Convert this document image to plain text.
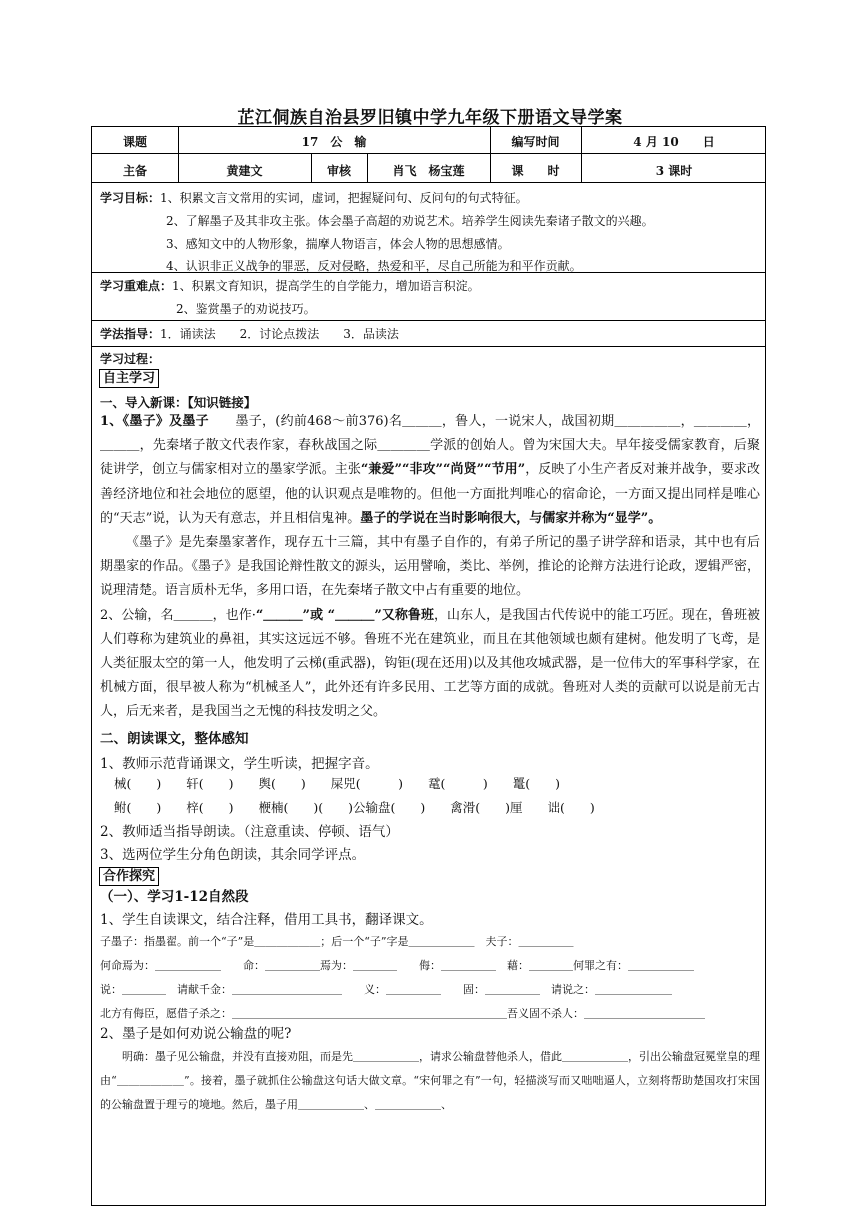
芷江侗族自治县罗旧镇中学九年级下册语文导学案
课题	17　公　输	编写时间	4 月 10　　日
主备	黄建文	审核	肖飞　杨宝莲	课　　时	3 课时
学习目标：1、积累文言文常用的实词，虚词，把握疑问句、反问句的句式特征。
2、了解墨子及其非攻主张。体会墨子高超的劝说艺术。培养学生阅读先秦诸子散文的兴趣。
3、感知文中的人物形象，揣摩人物语言，体会人物的思想感情。
4、认识非正义战争的罪恶，反对侵略，热爱和平，尽自己所能为和平作贡献。
学习重难点：1、积累文育知识，提高学生的自学能力，增加语言积淀。
2、鉴赏墨子的劝说技巧。
学法指导：1．诵读法　　2．讨论点拨法　　3．品读法
学习过程：
自主学习
一、导入新课：【知识链接】

1、《墨子》及墨子　　墨子，(约前468～前376)名＿＿＿，鲁人，一说宋人，战国初期＿＿＿＿＿，＿＿＿＿，＿＿＿，先秦堵子散文代表作家，春秋战国之际＿＿＿＿学派的创始人。曾为宋国大夫。早年接受儒家教育，后聚徒讲学，创立与儒家相对立的墨家学派。主张“兼爱”“非攻”“尚贤”“节用”，反映了小生产者反对兼并战争，要求改善经济地位和社会地位的愿望，他的认识观点是唯物的。但他一方面批判唯心的宿命论，一方面又提出同样是唯心的“天志”说，认为天有意志，并且相信鬼神。墨子的学说在当时影响很大，与儒家并称为“显学”。

《墨子》是先秦墨家著作，现存五十三篇，其中有墨子自作的，有弟子所记的墨子讲学辞和语录，其中也有后期墨家的作品。《墨子》是我国论辩性散文的源头，运用譬喻，类比、举例，推论的论辩方法进行论政，逻辑严密，说理清楚。语言质朴无华，多用口语，在先秦堵子散文中占有重要的地位。

2、公输，名＿＿＿，也作·“＿＿＿”或 “＿＿＿”又称鲁班，山东人，是我国古代传说中的能工巧匠。现在，鲁班被人们尊称为建筑业的鼻祖，其实这远远不够。鲁班不光在建筑业，而且在其他领域也颇有建树。他发明了飞鸢，是人类征服太空的第一人，他发明了云梯(重武器)，钩钜(现在还用)以及其他攻城武器，是一位伟大的军事科学家，在机械方面，很早被人称为“机械圣人”，此外还有许多民用、工艺等方面的成就。鲁班对人类的贡献可以说是前无古人，后无来者，是我国当之无愧的科技发明之父。

二、朗读课文，整体感知
1、教师示范背诵课文，学生听读，把握字音。
械(　　)　　轩(　　)　　舆(　　)　　屎兕(　　　)　　鼋(　　　)　　鼍(　　)
鲋(　　)　　梓(　　)　　楩楠(　　)(　　)公输盘(　　)　　禽滑(　　)厘　　诎(　　)
2、教师适当指导朗读。（注意重读、停顿、语气）
3、选两位学生分角色朗读，其余同学评点。
合作探究
（一）、学习1-12自然段
1、学生自读课文，结合注释，借用工具书，翻译课文。
子墨子：指墨翟。前一个“子”是＿＿＿＿＿＿；后一个“子”字是＿＿＿＿＿＿　夫子：＿＿＿＿＿
何命焉为：＿＿＿＿＿＿　　命：＿＿＿＿＿焉为：＿＿＿＿　　侮：＿＿＿＿＿　藉：＿＿＿＿何罪之有：＿＿＿＿＿＿
说：＿＿＿＿　请献千金：＿＿＿＿＿＿＿＿＿＿　　义：＿＿＿＿＿　　固：＿＿＿＿＿　请说之：＿＿＿＿＿＿＿
北方有侮臣，愿借子杀之：＿＿＿＿＿＿＿＿＿＿＿＿＿＿＿＿＿＿＿＿＿＿＿＿＿吾义固不杀人：＿＿＿＿＿＿＿＿＿＿＿
2、墨子是如何劝说公输盘的呢?
明确：墨子见公输盘，并没有直接劝阻，而是先＿＿＿＿＿＿，请求公输盘替他杀人，借此＿＿＿＿＿＿，引出公输盘冠冕堂皇的理由“＿＿＿＿＿＿”。接着，墨子就抓住公输盘这句话大做文章。“宋何罪之有”一句，轻描淡写而又咄咄逼人，立刻将帮助楚国攻打宋国的公输盘置于理亏的境地。然后，墨子用＿＿＿＿＿＿、＿＿＿＿＿＿、
